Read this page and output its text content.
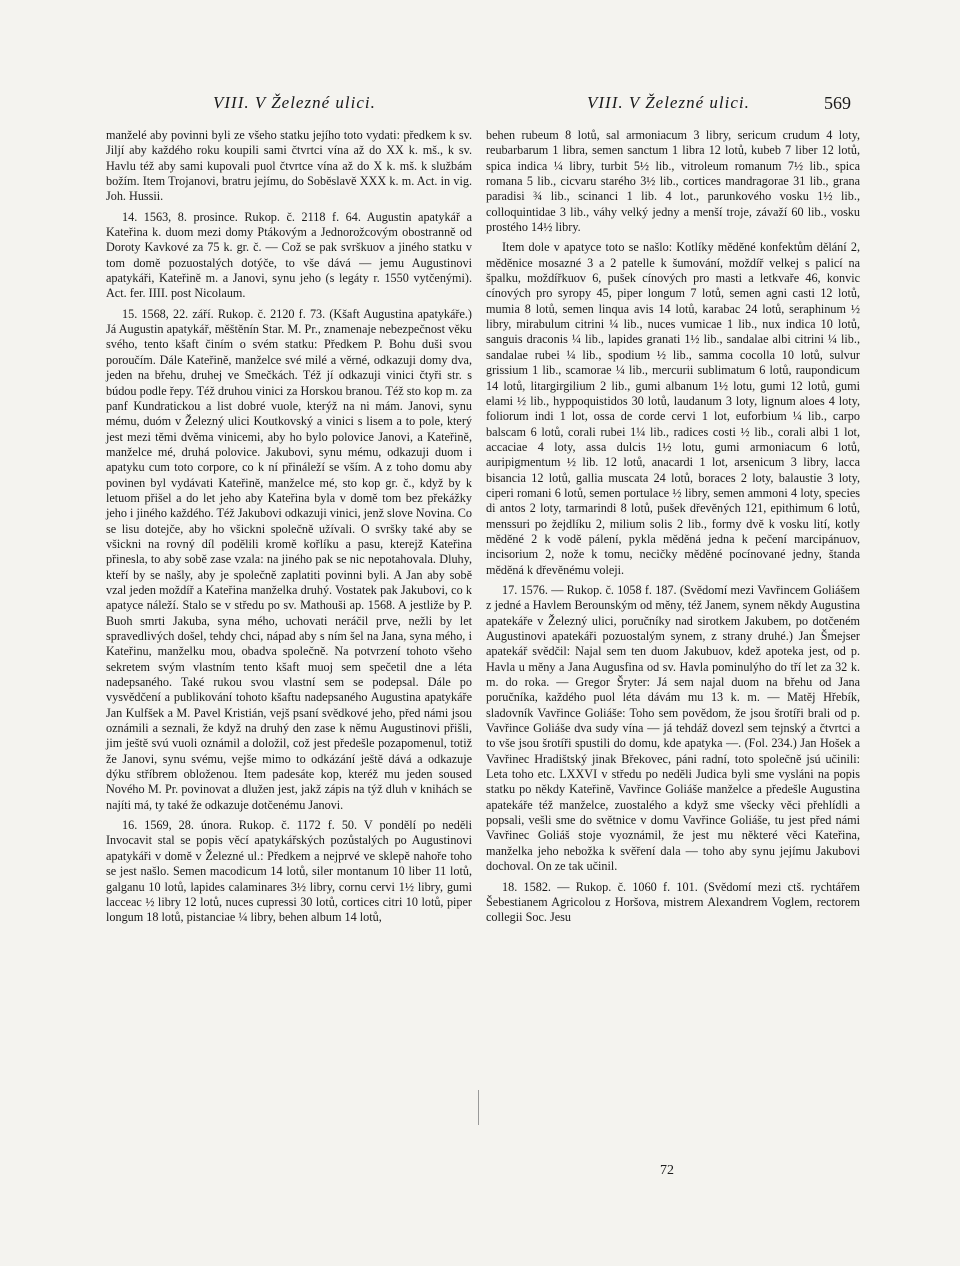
VIII. V Železné ulici.	VIII. V Železné ulici.	569

manželé aby povinni byli ze všeho statku jejího toto vydati: předkem k sv. Jiljí aby každého roku koupili sami čtvrtci vína až do XX k. mš., k sv. Havlu též aby sami kupovali puol čtvrtce vína až do X k. mš. k službám božím. Item Trojanovi, bratru jejímu, do Soběslavě XXX k. m. Act. in vig. Joh. Hussii.

14. 1563, 8. prosince. Rukop. č. 2118 f. 64. Augustin apatykář a Kateřina k. duom mezi domy Ptákovým a Jednorožcovým obostranně od Doroty Kavkové za 75 k. gr. č. — Což se pak svrškuov a jiného statku v tom domě pozuostalých dotýče, to vše dává — jemu Augustinovi apatykáři, Kateřině m. a Janovi, synu jeho (s legáty r. 1550 vytčenými). Act. fer. IIII. post Nicolaum.

15. 1568, 22. září. Rukop. č. 2120 f. 73. (Kšaft Augustina apatykáře.) Já Augustin apatykář, měštěnín Star. M. Pr., znamenaje nebezpečnost věku svého, tento kšaft činím o svém statku: Předkem P. Bohu duši svou poroučím. Dále Kateřině, manželce své milé a věrné, odkazuji domy dva, jeden na břehu, druhej ve Smečkách. Též jí odkazuji vinici čtyři str. s búdou podle řepy. Též druhou vinici za Horskou branou. Též sto kop m. za panf Kundratickou a list dobré vuole, kterýž na ni mám. Janovi, synu mému, duóm v Železný ulici Koutkovský a vinici s lisem a to pole, který jest mezi těmi dvěma vinicemi, aby ho bylo polovice Janovi, a Kateřině, manželce mé, druhá polovice. Jakubovi, synu mému, odkazuji duom i apatyku cum toto corpore, co k ní přináleží se vším. A z toho domu aby povinen byl vydávati Kateřině, manželce mé, sto kop gr. č., když by k letuom přišel a do let jeho aby Kateřina byla v domě tom bez překážky jeho i jiného každého. Též Jakubovi odkazuji vinici, jenž slove Novina. Co se lisu dotejče, aby ho všickni společně užívali. O svršky také aby se všickni na rovný díl podělili kromě kořlíku a pasu, kterejž Kateřina přinesla, to aby sobě zase vzala: na jiného pak se nic nepotahovala. Dluhy, kteří by se našly, aby je společně zaplatiti povinni byli. A Jan aby sobě vzal jeden moždíř a Kateřina manželka druhý. Vostatek pak Jakubovi, co k apatyce náleží. Stalo se v středu po sv. Mathouši ap. 1568. A jestliže by P. Buoh smrti Jakuba, syna mého, uchovati neráčil prve, nežli by let spravedlivých došel, tehdy chci, nápad aby s ním šel na Jana, syna mého, i Kateřinu, manželku mou, obadva společně. Na potvrzení tohoto všeho sekretem svým vlastním tento kšaft muoj sem spečetil dne a léta nadepsaného. Také rukou svou vlastní sem se podepsal. Dále po vysvědčení a publikování tohoto kšaftu nadepsaného Augustina apatykáře Jan Kulfšek a M. Pavel Kristián, vejš psaní svědkové jeho, před námi jsou oznámili a seznali, že když na druhý den zase k němu Augustinovi přišli, jim ještě svú vuoli oznámil a doložil, což jest předešle pozapomenul, totiž že Janovi, synu svému, vejše mimo to odkázání ještě dává a odkazuje dýku stříbrem obloženou. Item padesáte kop, kteréž mu jeden soused Nového M. Pr. povinovat a dlužen jest, jakž zápis na týž dluh v knihách se najíti má, ty také že odkazuje dotčenému Janovi.

16. 1569, 28. února. Rukop. č. 1172 f. 50. V pondělí po neděli Invocavit stal se popis věcí apatykářských pozůstalých po Augustinovi apatykáři v domě v Železné ul.: Předkem a nejprvé ve sklepě nahoře toho se jest našlo. Semen macodicum 14 lotů, siler montanum 10 liber 11 lotů, galganu 10 lotů, lapides calaminares 3½ libry, cornu cervi 1½ libry, gumi lacceac ½ libry 12 lotů, nuces cupressi 30 lotů, cortices citri 10 lotů, piper longum 18 lotů, pistanciae ¼ libry, behen album 14 lotů,

behen rubeum 8 lotů, sal armoniacum 3 libry, sericum crudum 4 loty, reubarbarum 1 libra, semen sanctum 1 libra 12 lotů, kubeb 7 liber 12 lotů, spica indica ¼ libry, turbit 5½ lib., vitroleum romanum 7½ lib., spica romana 5 lib., cicvaru starého 3½ lib., cortices mandragorae 31 lib., grana paradisi ¾ lib., scinanci 1 lib. 4 lot., parunkového vosku 1½ lib., colloquintidae 3 lib., váhy velký jedny a menší troje, závaží 60 lib., vosku prostého 14½ libry.

Item dole v apatyce toto se našlo: Kotlíky měděné konfektům dělání 2, měděnice mosazné 3 a 2 patelle k šumování, moždíř velkej s palicí na špalku, moždířkuov 6, pušek cínových pro masti a letkvaře 46, konvic cínových pro syropy 45, piper longum 7 lotů, semen agni casti 12 lotů, mumia 8 lotů, semen linqua avis 14 lotů, karabac 24 lotů, seraphinum ½ libry, mirabulum citrini ¼ lib., nuces vumicae 1 lib., nux indica 10 lotů, sanguis draconis ¼ lib., lapides granati 1½ lib., sandalae albi citrini ¼ lib., sandalae rubei ¼ lib., spodium ½ lib., samma cocolla 10 lotů, sulvur grissium 1 lib., scamorae ¼ lib., mercurii sublimatum 6 lotů, raupondicum 14 lotů, litargirgilium 2 lib., gumi albanum 1½ lotu, gumi 12 lotů, gumi elami ½ lib., hyppoquistidos 30 lotů, laudanum 3 loty, lignum aloes 4 loty, foliorum indi 1 lot, ossa de corde cervi 1 lot, euforbium ¼ lib., carpo balscam 6 lotů, corali rubei 1¼ lib., radices costi ½ lib., corali albi 1 lot, accaciae 4 loty, assa dulcis 1½ lotu, gumi armoniacum 6 lotů, auripigmentum ½ lib. 12 lotů, anacardi 1 lot, arsenicum 3 libry, lacca bisancia 12 lotů, gallia muscata 24 lotů, boraces 2 loty, balaustie 3 loty, ciperi romani 6 lotů, semen portulace ½ libry, semen ammoni 4 loty, species di antos 2 loty, tarmarindi 8 lotů, pušek dřevěných 121, epithimum 6 lotů, menssuri po žejdlíku 2, milium solis 2 lib., formy dvě k vosku lití, kotly měděné 2 k vodě pálení, pykla měděná jedna k pečení marcipánuov, incisorium 2, nože k tomu, necičky měděné pocínované jedny, štanda měděná k dřevěnému voleji.

17. 1576. — Rukop. č. 1058 f. 187. (Svědomí mezi Vavřincem Goliášem z jedné a Havlem Berounským od měny, též Janem, synem někdy Augustina apatekáře v Železný ulici, poručníky nad sirotkem Jakubem, po dotčeném Augustinovi apatekáři pozuostalým synem, z strany druhé.) Jan Šmejser apatekář svědčil: Najal sem ten duom Jakubuov, kdež apoteka jest, od p. Havla u měny a Jana Augusfina od sv. Havla pominulýho do tří let za 32 k. m. do roka. — Gregor Šryter: Já sem najal duom na břehu od Jana poručníka, každého puol léta dávám mu 13 k. m. — Matěj Hřebík, sladovník Vavřince Goliáše: Toho sem povědom, že jsou šrotíři brali od p. Vavřince Goliáše dva sudy vína — já tehdáž dovezl sem tejnský a čtvrtci a to vše jsou šrotíři spustili do domu, kde apatyka —. (Fol. 234.) Jan Hošek a Vavřinec Hradištský jinak Břekovec, páni radní, toto společně jsú učinili: Leta toho etc. LXXVI v středu po neděli Judica byli sme vysláni na popis statku po někdy Kateřině, Vavřince Goliáše manželce a předešle Augustina apatekáře též manželce, zuostalého a když sme všecky věci přehlídli a popsali, vešli sme do světnice v domu Vavřince Goliáše, tu jest před námi Vavřinec Goliáš stoje vyoznámil, že jest mu některé věci Kateřina, manželka jeho nebožka k svěření dala — toho aby synu jejímu Jakubovi dochoval. On ze tak učinil.

18. 1582. — Rukop. č. 1060 f. 101. (Svědomí mezi ctš. rychtářem Šebestianem Agricolou z Horšova, mistrem Alexandrem Voglem, rectorem collegii Soc. Jesu

72
